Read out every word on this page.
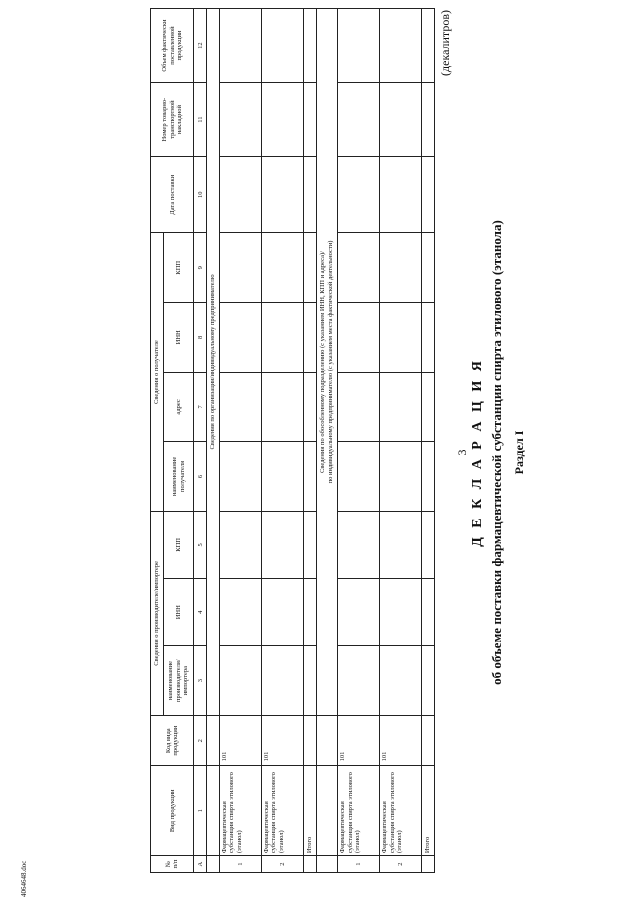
(декалитров)
3 Д Е К Л А Р А Ц И Я об объеме поставки фармацевтической субстанции спирта этилового (этанола) Раздел I
№ п/п	Вид продукции	Код вида продукции	Сведения о производителе/импортере			Сведения о получателе				Дата поставки	Номер товарно-транспортной накладной	Объем фактически поставленной продукции
			наименование производителя/ импортера	ИНН	КПП	наименование получателя	адрес	ИНН	КПП			
А	1	2	3	4	5	6	7	8	9	10	11	12
			Сведения по организации/индивидуальному предпринимателю									
1	Фармацевтическая субстанция спирта этилового (этанол)	101										
2	Фармацевтическая субстанция спирта этилового (этанол)	101										
	Итого											

			Сведения по обособленному подразделению (с указанием ИНН, КПП и адреса)/ по индивидуальному предпринимателю (с указанием места фактической деятельности)									

1	Фармацевтическая субстанция спирта этилового (этанол)	101										
2	Фармацевтическая субстанция спирта этилового (этанол)	101										
	Итого											
4064648.doc
